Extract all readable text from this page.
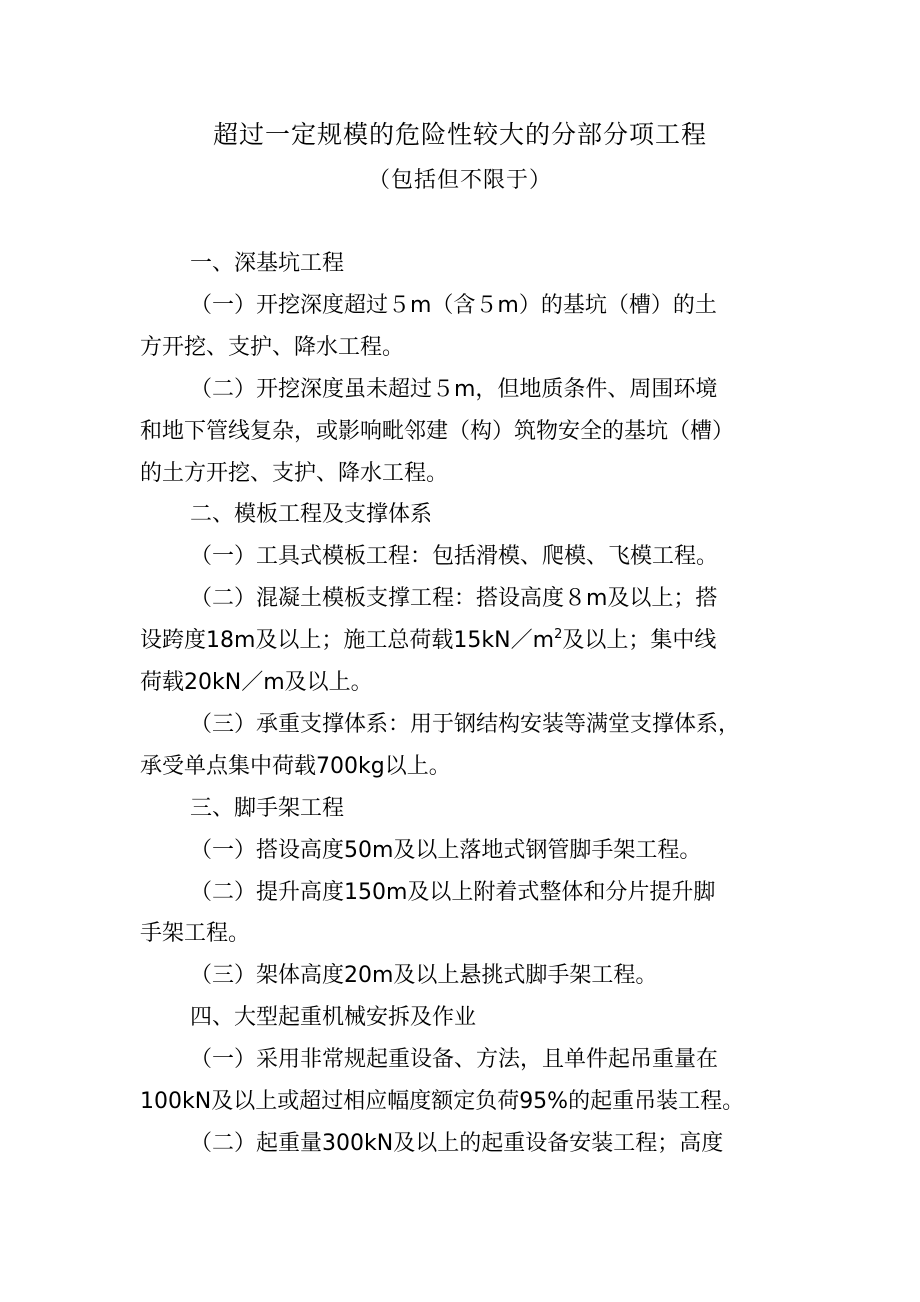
超过一定规模的危险性较大的分部分项工程
（包括但不限于）
一、深基坑工程
（一）开挖深度超过５m（含５m）的基坑（槽）的土
方开挖、支护、降水工程。
（二）开挖深度虽未超过５m，但地质条件、周围环境
和地下管线复杂，或影响毗邻建（构）筑物安全的基坑（槽）
的土方开挖、支护、降水工程。
二、模板工程及支撑体系
（一）工具式模板工程：包括滑模、爬模、飞模工程。
（二）混凝土模板支撑工程：搭设高度８m及以上；搭
设跨度18m及以上；施工总荷载$15kN/m^2$及以上；集中线
荷载20kN／m及以上。
（三）承重支撑体系：用于钢结构安装等满堂支撑体系，
承受单点集中荷载700kg以上。
三、脚手架工程
（一）搭设高度50m及以上落地式钢管脚手架工程。
（二）提升高度150m及以上附着式整体和分片提升脚
手架工程。
（三）架体高度20m及以上悬挑式脚手架工程。
四、大型起重机械安拆及作业
（一）采用非常规起重设备、方法，且单件起吊重量在
100kN及以上或超过相应幅度额定负荷95%的起重吊装工程。
（二）起重量300kN及以上的起重设备安装工程；高度
